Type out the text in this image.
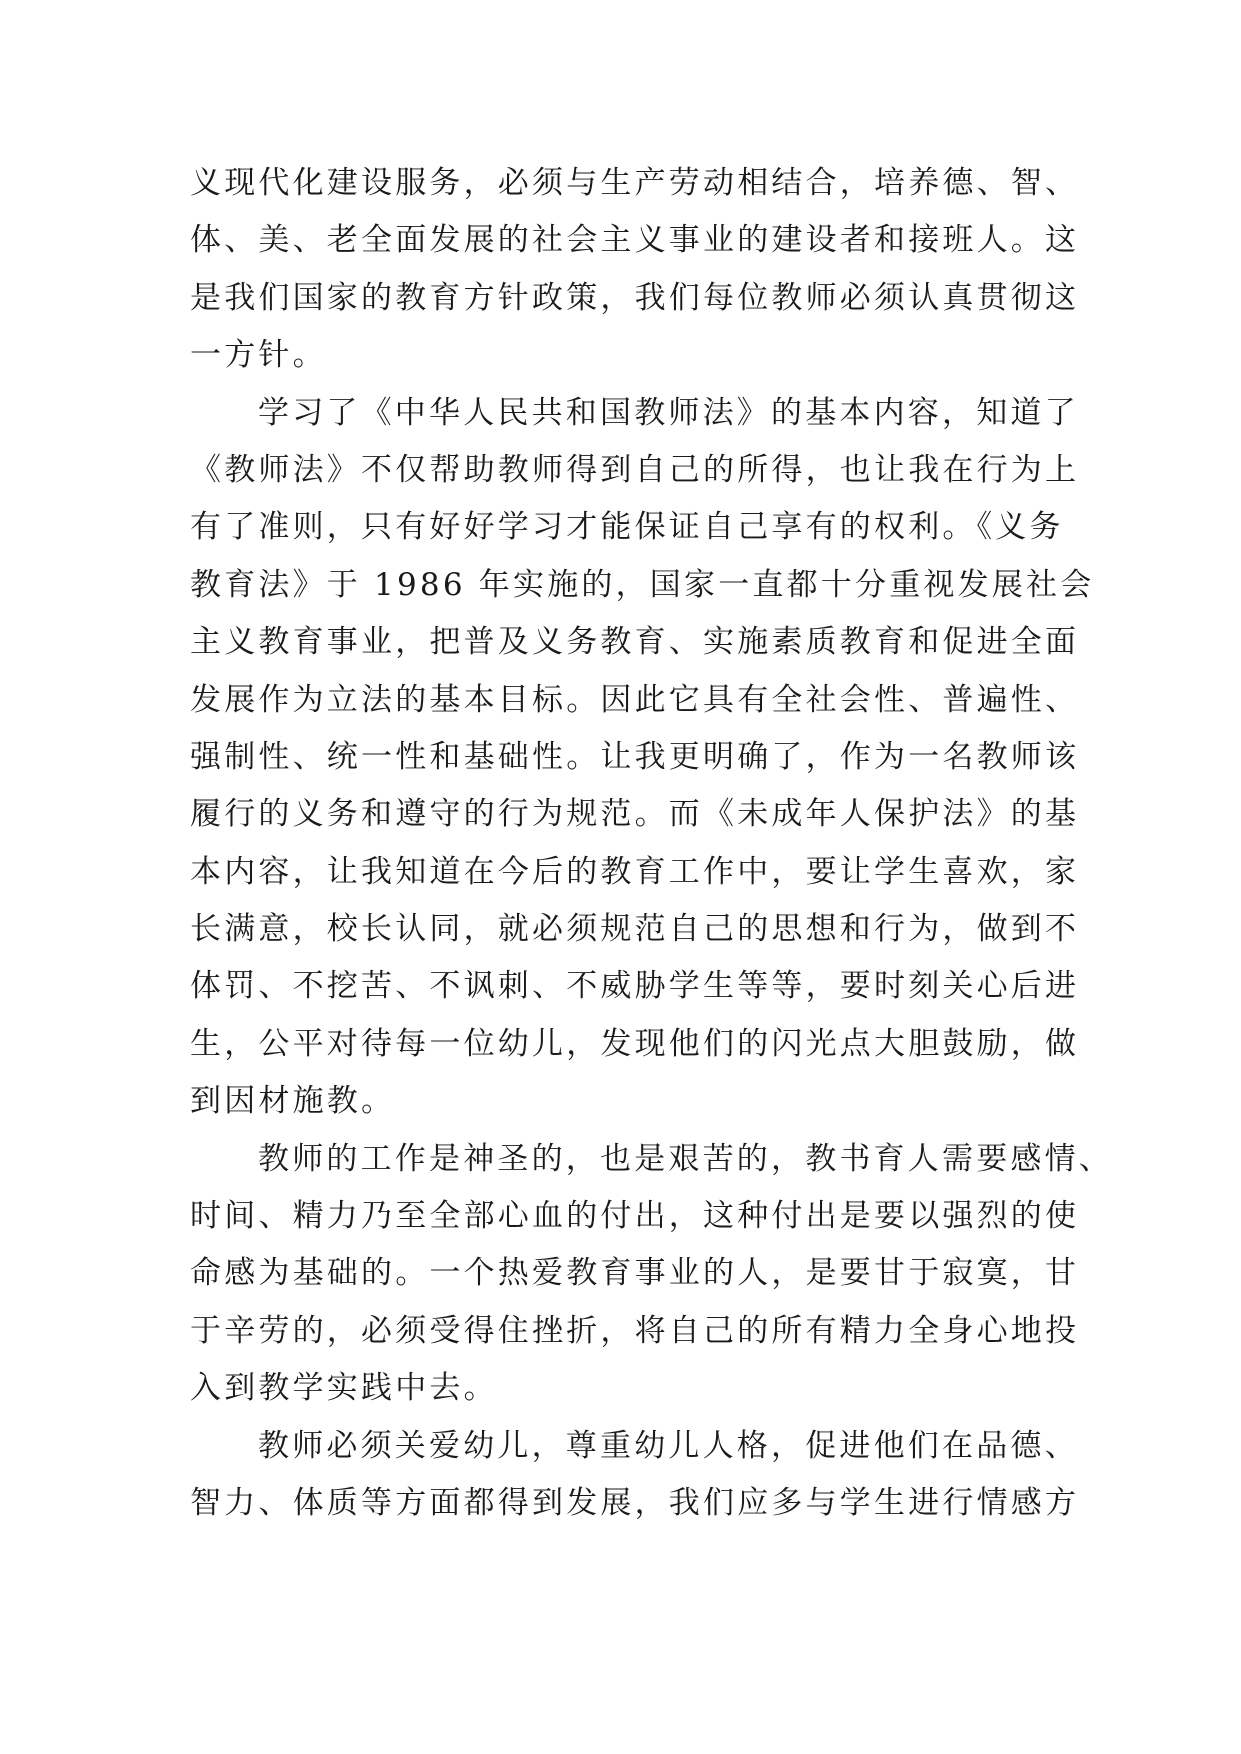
义现代化建设服务，必须与生产劳动相结合，培养德、智、
体、美、老全面发展的社会主义事业的建设者和接班人。这
是我们国家的教育方针政策，我们每位教师必须认真贯彻这
一方针。
学习了《中华人民共和国教师法》的基本内容，知道了
《教师法》不仅帮助教师得到自己的所得，也让我在行为上
有了准则，只有好好学习才能保证自己享有的权利。《义务
教育法》于 1986 年实施的，国家一直都十分重视发展社会
主义教育事业，把普及义务教育、实施素质教育和促进全面
发展作为立法的基本目标。因此它具有全社会性、普遍性、
强制性、统一性和基础性。让我更明确了，作为一名教师该
履行的义务和遵守的行为规范。而《未成年人保护法》的基
本内容，让我知道在今后的教育工作中，要让学生喜欢，家
长满意，校长认同，就必须规范自己的思想和行为，做到不
体罚、不挖苦、不讽刺、不威胁学生等等，要时刻关心后进
生，公平对待每一位幼儿，发现他们的闪光点大胆鼓励，做
到因材施教。
教师的工作是神圣的，也是艰苦的，教书育人需要感情、
时间、精力乃至全部心血的付出，这种付出是要以强烈的使
命感为基础的。一个热爱教育事业的人，是要甘于寂寞，甘
于辛劳的，必须受得住挫折，将自己的所有精力全身心地投
入到教学实践中去。
教师必须关爱幼儿，尊重幼儿人格，促进他们在品德、
智力、体质等方面都得到发展，我们应多与学生进行情感方
